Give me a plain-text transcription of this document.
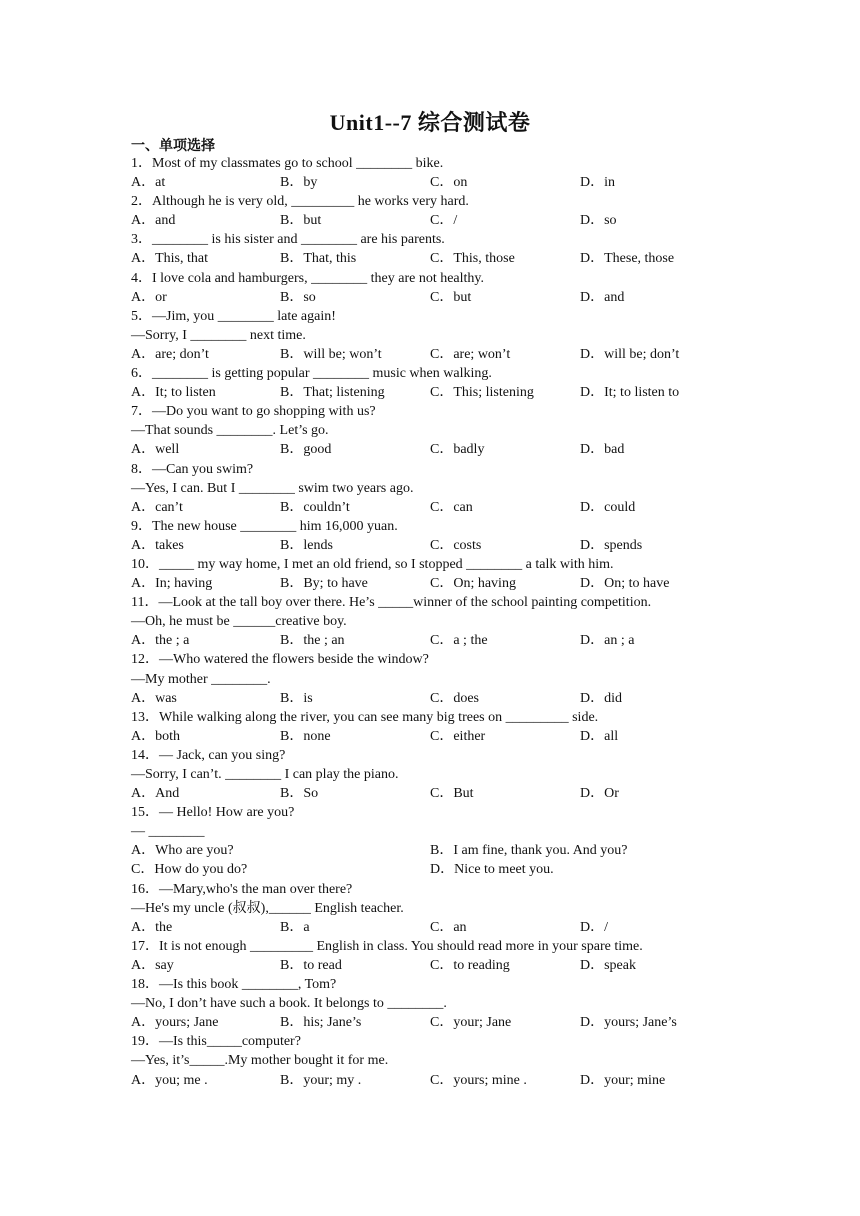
Unit1--7 综合测试卷
一、单项选择
1．Most of my classmates go to school ________ bike.
A．at	B．by	C．on	D．in
2．Although he is very old, _________ he works very hard.
A．and	B．but	C．/	D．so
3．________ is his sister and ________ are his parents.
A．This, that	B．That, this	C．This, those	D．These, those
4．I love cola and hamburgers, ________ they are not healthy.
A．or	B．so	C．but	D．and
5．—Jim, you ________ late again!
—Sorry, I ________ next time.
A．are; don’t	B．will be; won’t	C．are; won’t	D．will be; don’t
6．________ is getting popular ________ music when walking.
A．It; to listen	B．That; listening	C．This; listening	D．It; to listen to
7．—Do you want to go shopping with us?
—That sounds ________. Let’s go.
A．well	B．good	C．badly	D．bad
8．—Can you swim?
—Yes, I can. But I ________ swim two years ago.
A．can’t	B．couldn’t	C．can	D．could
9．The new house ________ him 16,000 yuan.
A．takes	B．lends	C．costs	D．spends
10．_____ my way home, I met an old friend, so I stopped ________ a talk with him.
A．In; having	B．By; to have	C．On; having	D．On; to have
11．—Look at the tall boy over there. He’s _____winner of the school painting competition.
—Oh, he must be ______creative boy.
A．the ; a	B．the ; an	C．a ; the	D．an ; a
12．—Who watered the flowers beside the window?
—My mother ________.
A．was	B．is	C．does	D．did
13．While walking along the river, you can see many big trees on _________ side.
A．both	B．none	C．either	D．all
14．— Jack, can you sing?
—Sorry, I can’t. ________ I can play the piano.
A．And	B．So	C．But	D．Or
15．— Hello! How are you?
— ________
A．Who are you?	B．I am fine, thank you. And you?
C．How do you do?	D．Nice to meet you.
16．—Mary,who's the man over there?
—He's my uncle (叔叔),______ English teacher.
A．the	B．a	C．an	D．/
17．It is not enough _________ English in class. You should read more in your spare time.
A．say	B．to read	C．to reading	D．speak
18．—Is this book ________, Tom?
—No, I don’t have such a book. It belongs to ________.
A．yours; Jane	B．his; Jane’s	C．your; Jane	D．yours; Jane’s
19．—Is this_____computer?
—Yes, it’s_____.My mother bought it for me.
A．you; me .	B．your; my .	C．yours; mine .	D．your; mine
